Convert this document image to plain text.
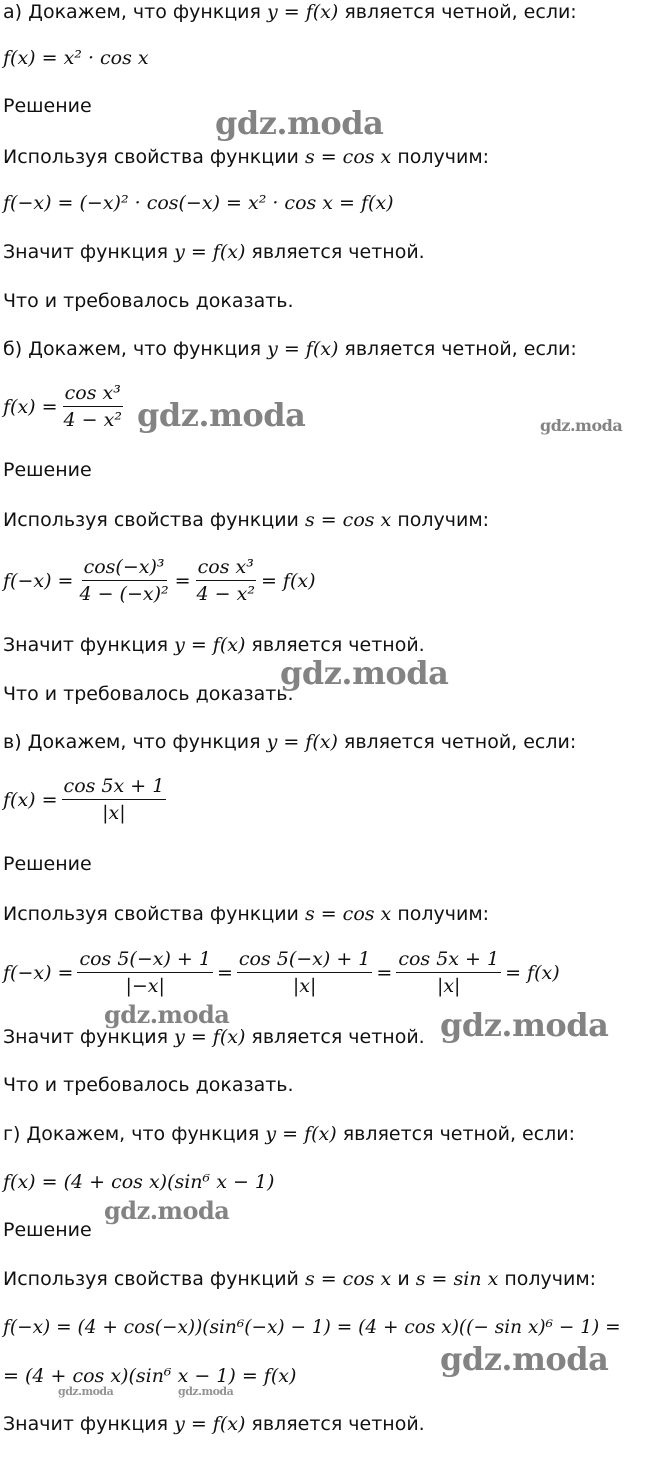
а) Докажем, что функция y = f(x) является четной, если:
f(x) = x² · cos x
Решение
Используя свойства функции s = cos x получим:
f(−x) = (−x)² · cos(−x) = x² · cos x = f(x)
Значит функция y = f(x) является четной.
Что и требовалось доказать.
б) Докажем, что функция y = f(x) является четной, если:
$f(x) = \frac{\text{cos x³}}{\text{4 − x²}}$
Решение
Используя свойства функции s = cos x получим:
$f(-x) = \frac{\text{cos(−x)³}}{\text{4 − (−x)²}} = \frac{\text{cos x³}}{\text{4 − x²}} = f(x)$
Значит функция y = f(x) является четной.
Что и требовалось доказать.
в) Докажем, что функция y = f(x) является четной, если:
$f(x) = \frac{\cos 5x + 1}{|x|}$
Решение
Используя свойства функции s = cos x получим:
$f(-x) = \frac{\cos 5(-x) + 1}{|-x|} = \frac{\cos 5(-x) + 1}{|x|} = \frac{\cos 5x + 1}{|x|} = f(x)$
Значит функция y = f(x) является четной.
Что и требовалось доказать.
г) Докажем, что функция y = f(x) является четной, если:
f(x) = (4 + cos x)(sin⁶ x − 1)
Решение
Используя свойства функций s = cos x и s = sin x получим:
f(−x) = (4 + cos(−x))(sin⁶(−x) − 1) = (4 + cos x)((− sin x)⁶ − 1) =
= (4 + cos x)(sin⁶ x − 1) = f(x)
Значит функция y = f(x) является четной.
gdz.moda
gdz.moda	gdz.moda
gdz.moda
gdz.moda	gdz.moda
gdz.moda
gdz.moda
gdz.moda	gdz.moda
